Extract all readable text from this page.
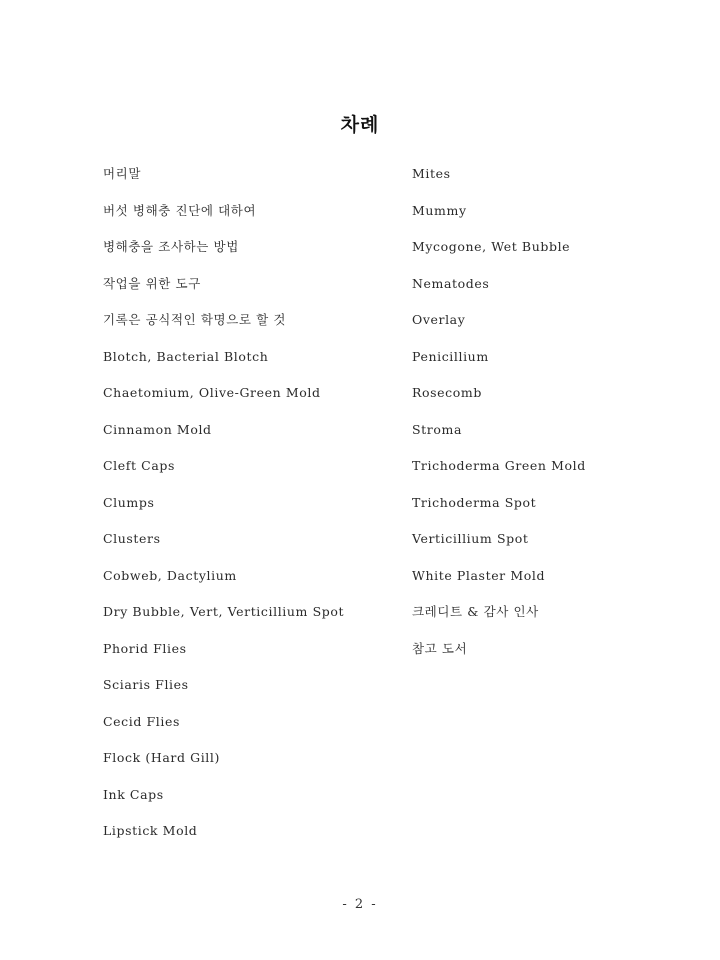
차례
머리말
버섯 병해충 진단에 대하여
병해충을 조사하는 방법
작업을 위한 도구
기록은 공식적인 학명으로 할 것
Blotch, Bacterial Blotch
Chaetomium, Olive-Green Mold
Cinnamon Mold
Cleft Caps
Clumps
Clusters
Cobweb, Dactylium
Dry Bubble, Vert, Verticillium Spot
Phorid Flies
Sciaris Flies
Cecid Flies
Flock (Hard Gill)
Ink Caps
Lipstick Mold
Mites
Mummy
Mycogone, Wet Bubble
Nematodes
Overlay
Penicillium
Rosecomb
Stroma
Trichoderma Green Mold
Trichoderma Spot
Verticillium Spot
White Plaster Mold
크레디트 & 감사 인사
참고 도서
- 2 -
